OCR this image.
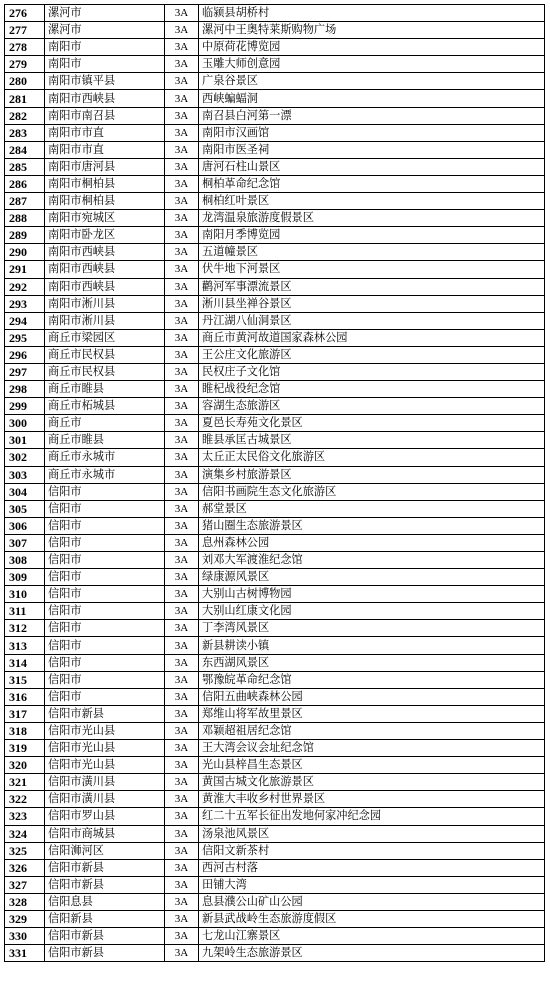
276	漯河市	3A	临颍县胡桥村
277	漯河市	3A	漯河中王奥特莱斯购物广场
278	南阳市	3A	中原荷花博览园
279	南阳市	3A	玉雕大师创意园
280	南阳市镇平县	3A	广泉谷景区
281	南阳市西峡县	3A	西峡蝙蝠洞
282	南阳市南召县	3A	南召县白河第一漂
283	南阳市市直	3A	南阳市汉画馆
284	南阳市市直	3A	南阳市医圣祠
285	南阳市唐河县	3A	唐河石柱山景区
286	南阳市桐柏县	3A	桐柏革命纪念馆
287	南阳市桐柏县	3A	桐柏红叶景区
288	南阳市宛城区	3A	龙湾温泉旅游度假景区
289	南阳市卧龙区	3A	南阳月季博览园
290	南阳市西峡县	3A	五道幢景区
291	南阳市西峡县	3A	伏牛地下河景区
292	南阳市西峡县	3A	鹳河军事漂流景区
293	南阳市淅川县	3A	淅川县坐禅谷景区
294	南阳市淅川县	3A	丹江湖八仙洞景区
295	商丘市梁园区	3A	商丘市黄河故道国家森林公园
296	商丘市民权县	3A	王公庄文化旅游区
297	商丘市民权县	3A	民权庄子文化馆
298	商丘市睢县	3A	睢杞战役纪念馆
299	商丘市柘城县	3A	容湖生态旅游区
300	商丘市	3A	夏邑长寿苑文化景区
301	商丘市睢县	3A	睢县承匡古城景区
302	商丘市永城市	3A	太丘正太民俗文化旅游区
303	商丘市永城市	3A	演集乡村旅游景区
304	信阳市	3A	信阳书画院生态文化旅游区
305	信阳市	3A	郝堂景区
306	信阳市	3A	猪山圈生态旅游景区
307	信阳市	3A	息州森林公园
308	信阳市	3A	刘邓大军渡淮纪念馆
309	信阳市	3A	绿康源风景区
310	信阳市	3A	大别山古树博物园
311	信阳市	3A	大别山红康文化园
312	信阳市	3A	丁李湾风景区
313	信阳市	3A	新县耕读小镇
314	信阳市	3A	东西湖风景区
315	信阳市	3A	鄂豫皖革命纪念馆
316	信阳市	3A	信阳五曲峡森林公园
317	信阳市新县	3A	郑维山将军故里景区
318	信阳市光山县	3A	邓颖超祖居纪念馆
319	信阳市光山县	3A	王大湾会议会址纪念馆
320	信阳市光山县	3A	光山县梓昌生态景区
321	信阳市潢川县	3A	黄国古城文化旅游景区
322	信阳市潢川县	3A	黄淮大丰收乡村世界景区
323	信阳市罗山县	3A	红二十五军长征出发地何家冲纪念园
324	信阳市商城县	3A	汤泉池风景区
325	信阳浉河区	3A	信阳文新茶村
326	信阳市新县	3A	西河古村落
327	信阳市新县	3A	田铺大湾
328	信阳息县	3A	息县濮公山矿山公园
329	信阳新县	3A	新县武战岭生态旅游度假区
330	信阳市新县	3A	七龙山江寨景区
331	信阳市新县	3A	九架岭生态旅游景区
